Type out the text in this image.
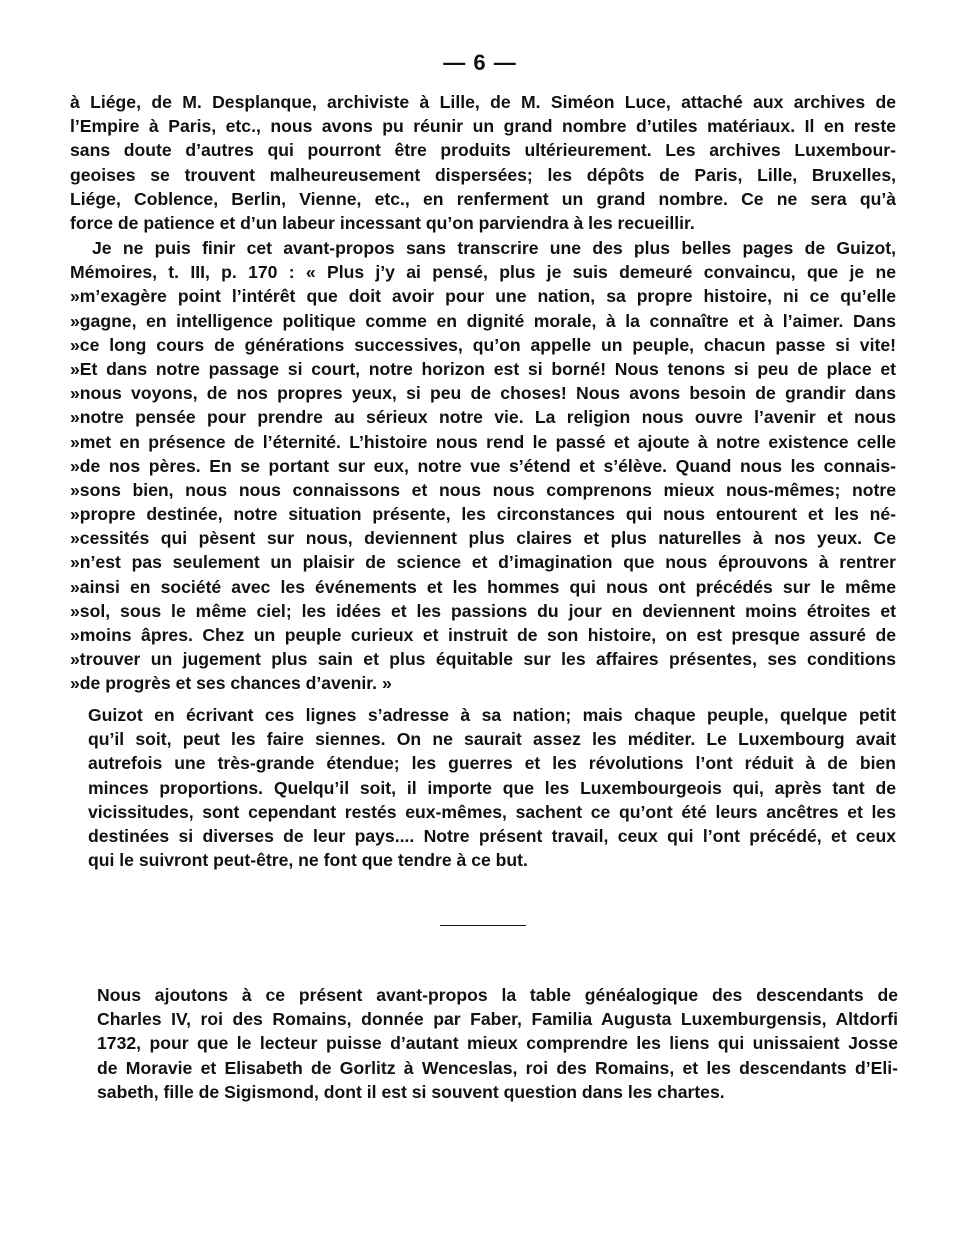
— 6 —
à Liége, de M. Desplanque, archiviste à Lille, de M. Siméon Luce, attaché aux archives de
l’Empire à Paris, etc., nous avons pu réunir un grand nombre d’utiles matériaux. Il en reste
sans doute d’autres qui pourront être produits ultérieurement. Les archives Luxembour-
geoises se trouvent malheureusement dispersées; les dépôts de Paris, Lille, Bruxelles,
Liége, Coblence, Berlin, Vienne, etc., en renferment un grand nombre. Ce ne sera qu’à
force de patience et d’un labeur incessant qu’on parviendra à les recueillir.
Je ne puis finir cet avant-propos sans transcrire une des plus belles pages de Guizot,
Mémoires, t. III, p. 170 : « Plus j’y ai pensé, plus je suis demeuré convaincu, que je ne
»m’exagère point l’intérêt que doit avoir pour une nation, sa propre histoire, ni ce qu’elle
»gagne, en intelligence politique comme en dignité morale, à la connaître et à l’aimer. Dans
»ce long cours de générations successives, qu’on appelle un peuple, chacun passe si vite!
»Et dans notre passage si court, notre horizon est si borné! Nous tenons si peu de place et
»nous voyons, de nos propres yeux, si peu de choses! Nous avons besoin de grandir dans
»notre pensée pour prendre au sérieux notre vie. La religion nous ouvre l’avenir et nous
»met en présence de l’éternité. L’histoire nous rend le passé et ajoute à notre existence celle
»de nos pères. En se portant sur eux, notre vue s’étend et s’élève. Quand nous les connais-
»sons bien, nous nous connaissons et nous nous comprenons mieux nous-mêmes; notre
»propre destinée, notre situation présente, les circonstances qui nous entourent et les né-
»cessités qui pèsent sur nous, deviennent plus claires et plus naturelles à nos yeux. Ce
»n’est pas seulement un plaisir de science et d’imagination que nous éprouvons à rentrer
»ainsi en société avec les événements et les hommes qui nous ont précédés sur le même
»sol, sous le même ciel; les idées et les passions du jour en deviennent moins étroites et
»moins âpres. Chez un peuple curieux et instruit de son histoire, on est presque assuré de
»trouver un jugement plus sain et plus équitable sur les affaires présentes, ses conditions
»de progrès et ses chances d’avenir. »
Guizot en écrivant ces lignes s’adresse à sa nation; mais chaque peuple, quelque petit
qu’il soit, peut les faire siennes. On ne saurait assez les méditer. Le Luxembourg avait
autrefois une très-grande étendue; les guerres et les révolutions l’ont réduit à de bien
minces proportions. Quelqu’il soit, il importe que les Luxembourgeois qui, après tant de
vicissitudes, sont cependant restés eux-mêmes, sachent ce qu’ont été leurs ancêtres et les
destinées si diverses de leur pays.... Notre présent travail, ceux qui l’ont précédé, et ceux
qui le suivront peut-être, ne font que tendre à ce but.
Nous ajoutons à ce présent avant-propos la table généalogique des descendants de
Charles IV, roi des Romains, donnée par Faber, Familia Augusta Luxemburgensis, Altdorfi
1732, pour que le lecteur puisse d’autant mieux comprendre les liens qui unissaient Josse
de Moravie et Elisabeth de Gorlitz à Wenceslas, roi des Romains, et les descendants d’Eli-
sabeth, fille de Sigismond, dont il est si souvent question dans les chartes.
